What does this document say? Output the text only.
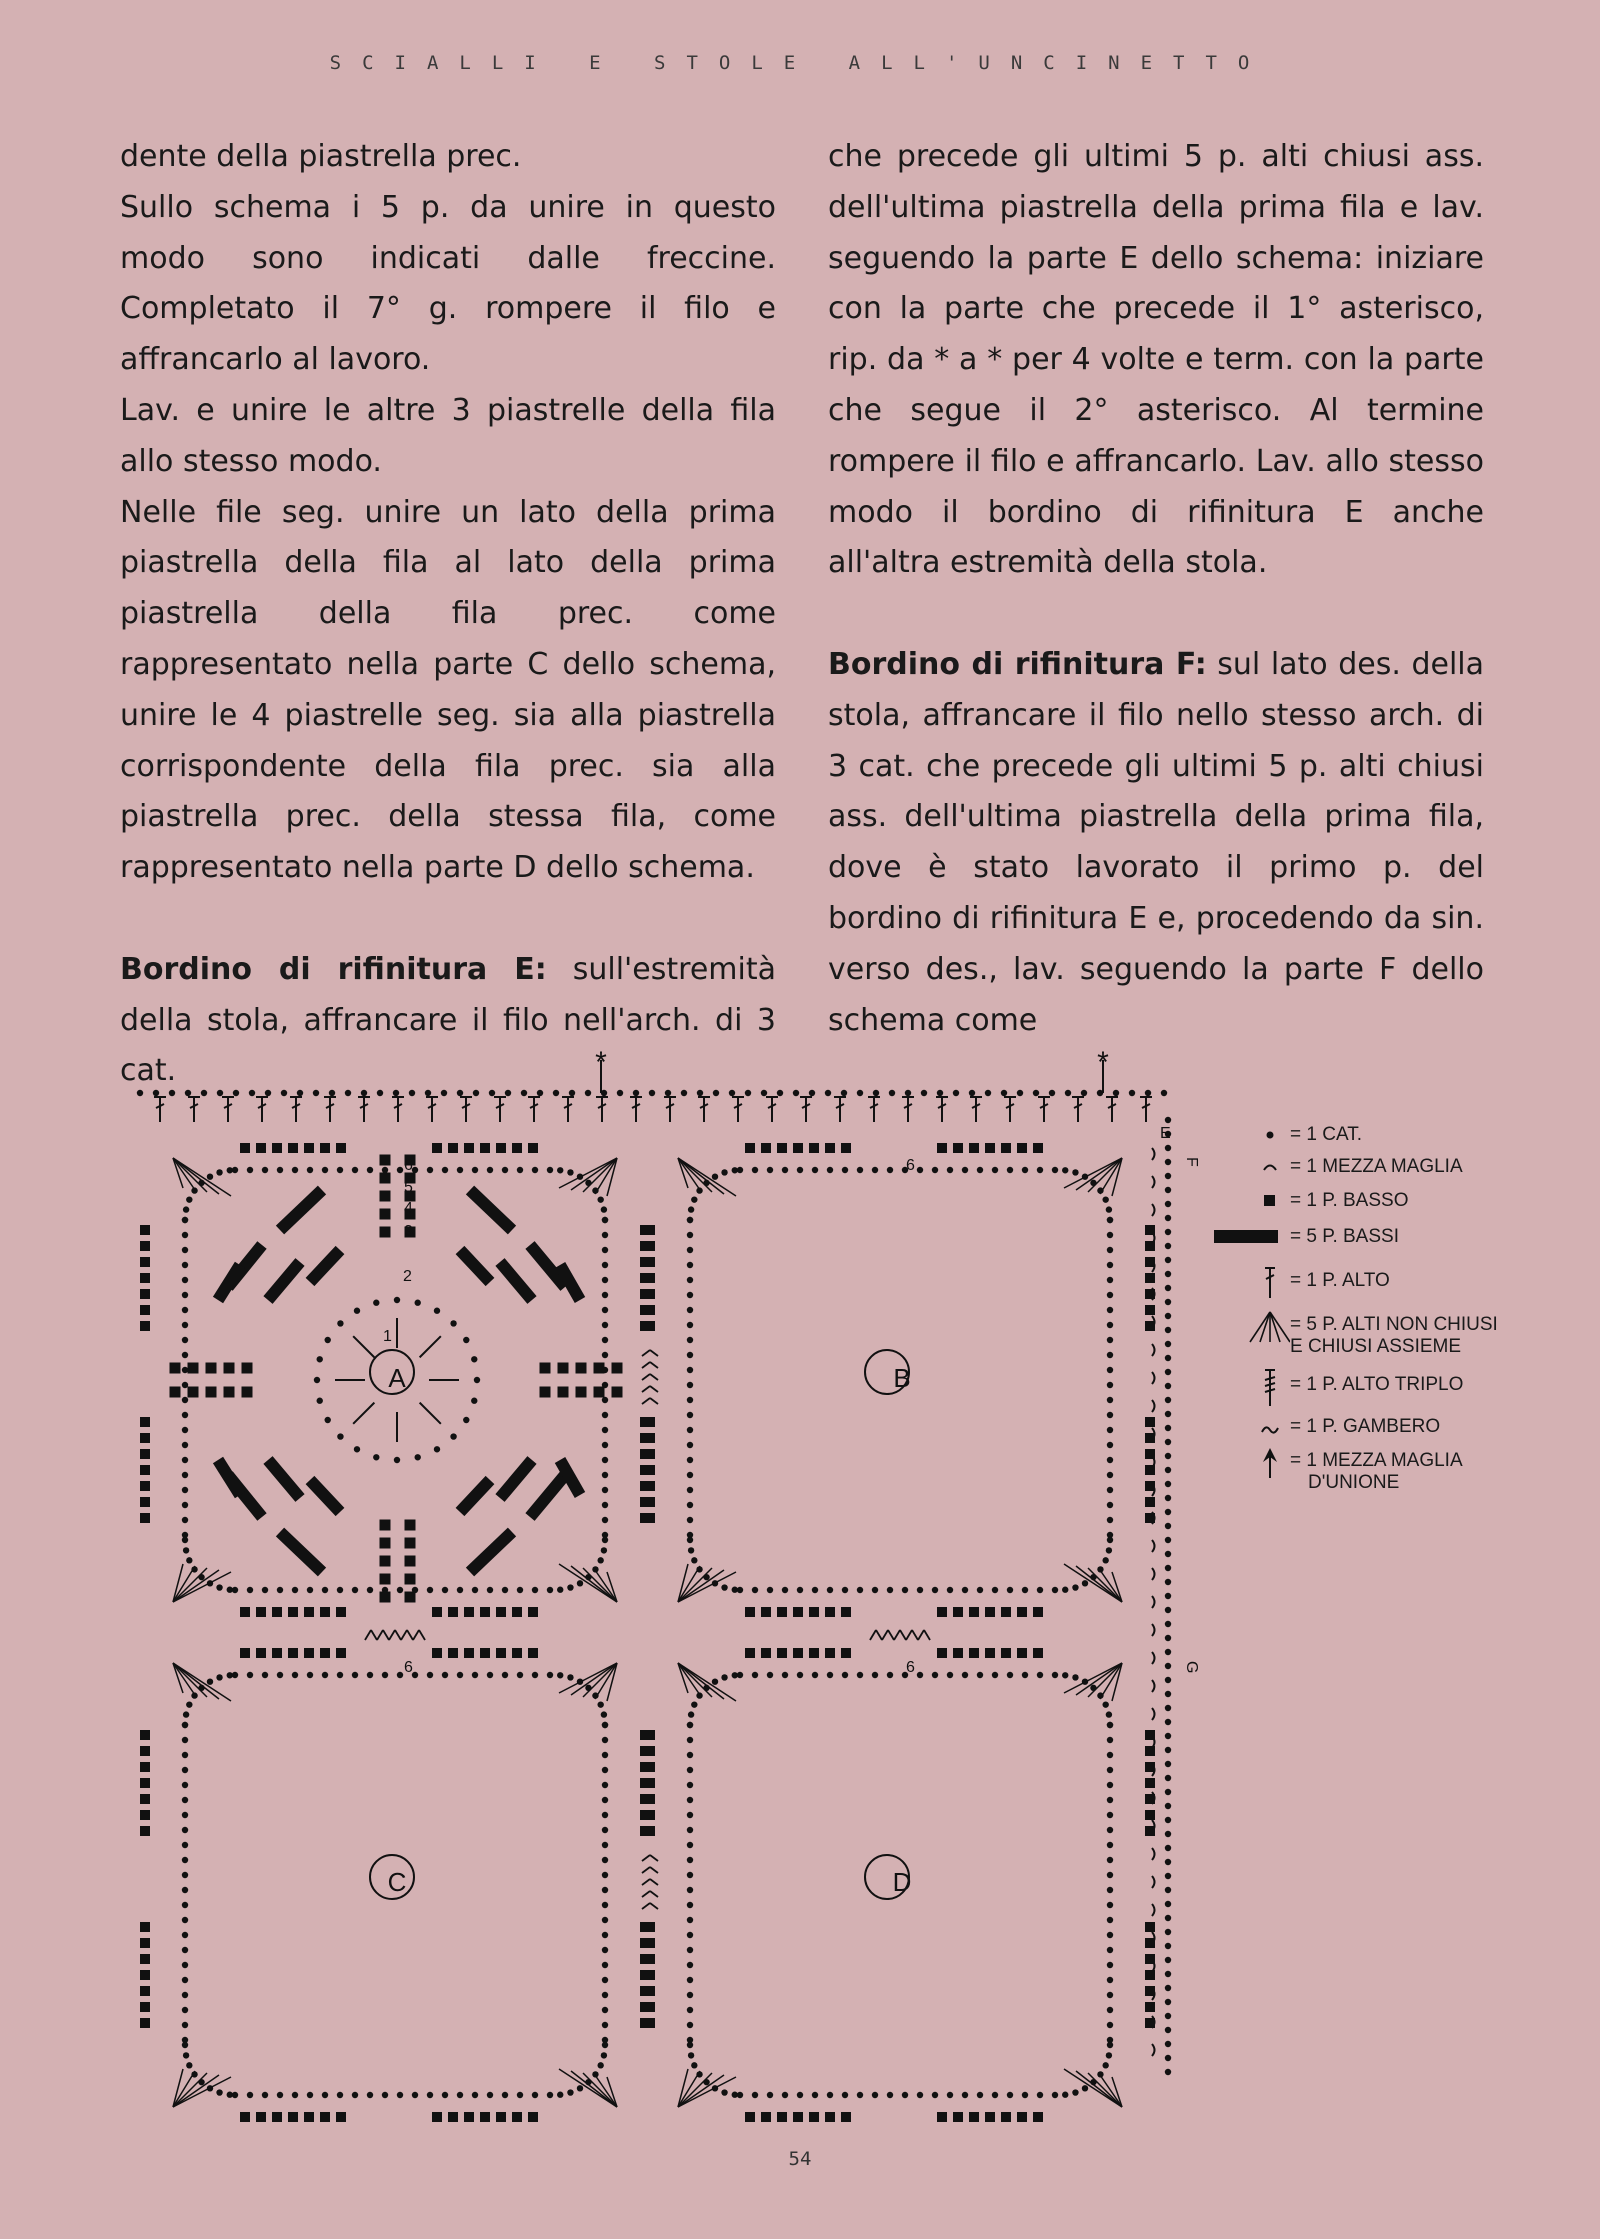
SCIALLI E STOLE ALL'UNCINETTO

dente della piastrella prec.

Sullo schema i 5 p. da unire in questo modo sono indicati dalle freccine. Completato il 7° g. rompere il filo e affrancarlo al lavoro.

Lav. e unire le altre 3 piastrelle della fila allo stesso modo.

Nelle file seg. unire un lato della prima piastrella della fila al lato della prima piastrella della fila prec. come rappresentato nella parte C dello schema, unire le 4 piastrelle seg. sia alla piastrella corrispondente della fila prec. sia alla piastrella prec. della stessa fila, come rappresentato nella parte D dello schema.

Bordino di rifinitura E: sull'estremità della stola, affrancare il filo nell'arch. di 3 cat.

che precede gli ultimi 5 p. alti chiusi ass. dell'ultima piastrella della prima fila e lav. seguendo la parte E dello schema: iniziare con la parte che precede il 1° asterisco, rip. da * a * per 4 volte e term. con la parte che segue il 2° asterisco. Al termine rompere il filo e affrancarlo. Lav. allo stesso modo il bordino di rifinitura E anche all'altra estremità della stola.

Bordino di rifinitura F: sul lato des. della stola, affrancare il filo nello stesso arch. di 3 cat. che precede gli ultimi 5 p. alti chiusi ass. dell'ultima piastrella della prima fila, dove è stato lavorato il primo p. del bordino di rifinitura E e, procedendo da sin. verso des., lav. seguendo la parte F dello schema come

A	B
C	D
1
2
3
4
5
6	6
6	6
E
F
G
*	*
= 1 CAT.
= 1 MEZZA MAGLIA
= 1 P. BASSO
= 5 P. BASSI
= 1 P. ALTO
= 5 P. ALTI NON CHIUSI
E CHIUSI ASSIEME
= 1 P. ALTO TRIPLO
= 1 P. GAMBERO
= 1 MEZZA MAGLIA
D'UNIONE
54
